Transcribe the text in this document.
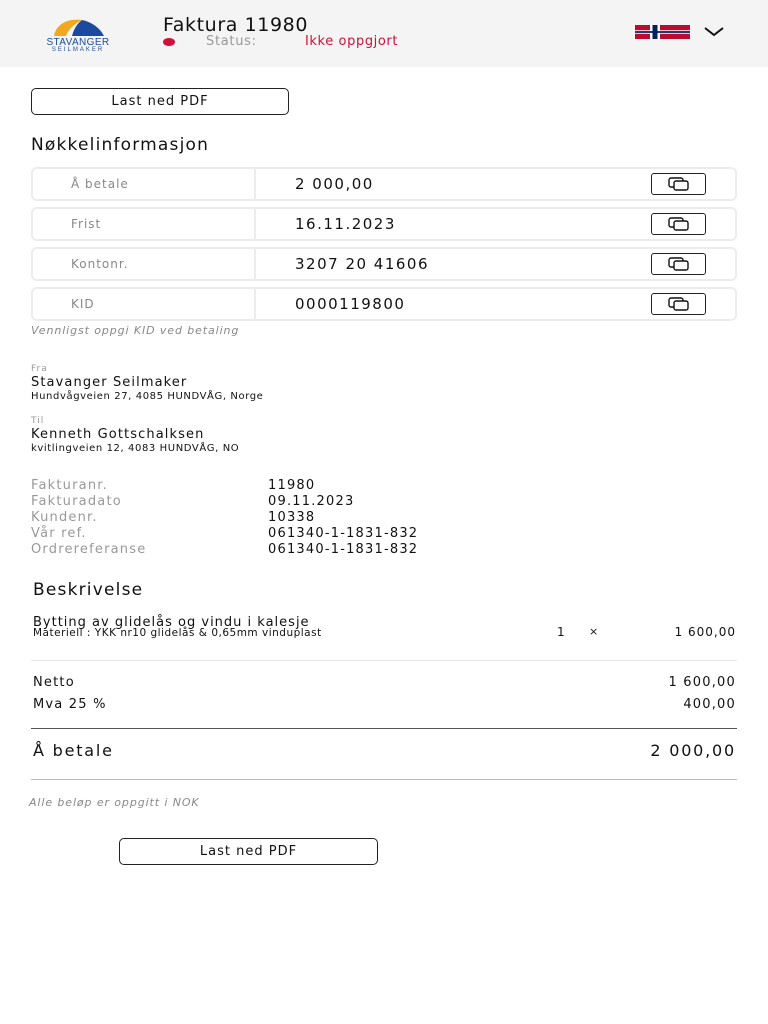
STAVANGER
SEILMAKER
Faktura 11980
Status:	Ikke oppgjort
Last ned PDF
Nøkkelinformasjon
Å betale	2 000,00
Frist	16.11.2023
Kontonr.	3207 20 41606
KID	0000119800
Vennligst oppgi KID ved betaling
Fra
Stavanger Seilmaker
Hundvågveien 27, 4085 HUNDVÅG, Norge
Til
Kenneth Gottschalksen
kvitlingveien 12, 4083 HUNDVÅG, NO
Fakturanr.	11980
Fakturadato	09.11.2023
Kundenr.	10338
Vår ref.	061340-1-1831-832
Ordrereferanse	061340-1-1831-832
Beskrivelse
Bytting av glidelås og vindu i kalesje
Materiell : YKK nr10 glidelås & 0,65mm vinduplast	1 ×	1 600,00
Netto	1 600,00
Mva 25 %	400,00
Å betale	2 000,00
Alle beløp er oppgitt i NOK
Last ned PDF
